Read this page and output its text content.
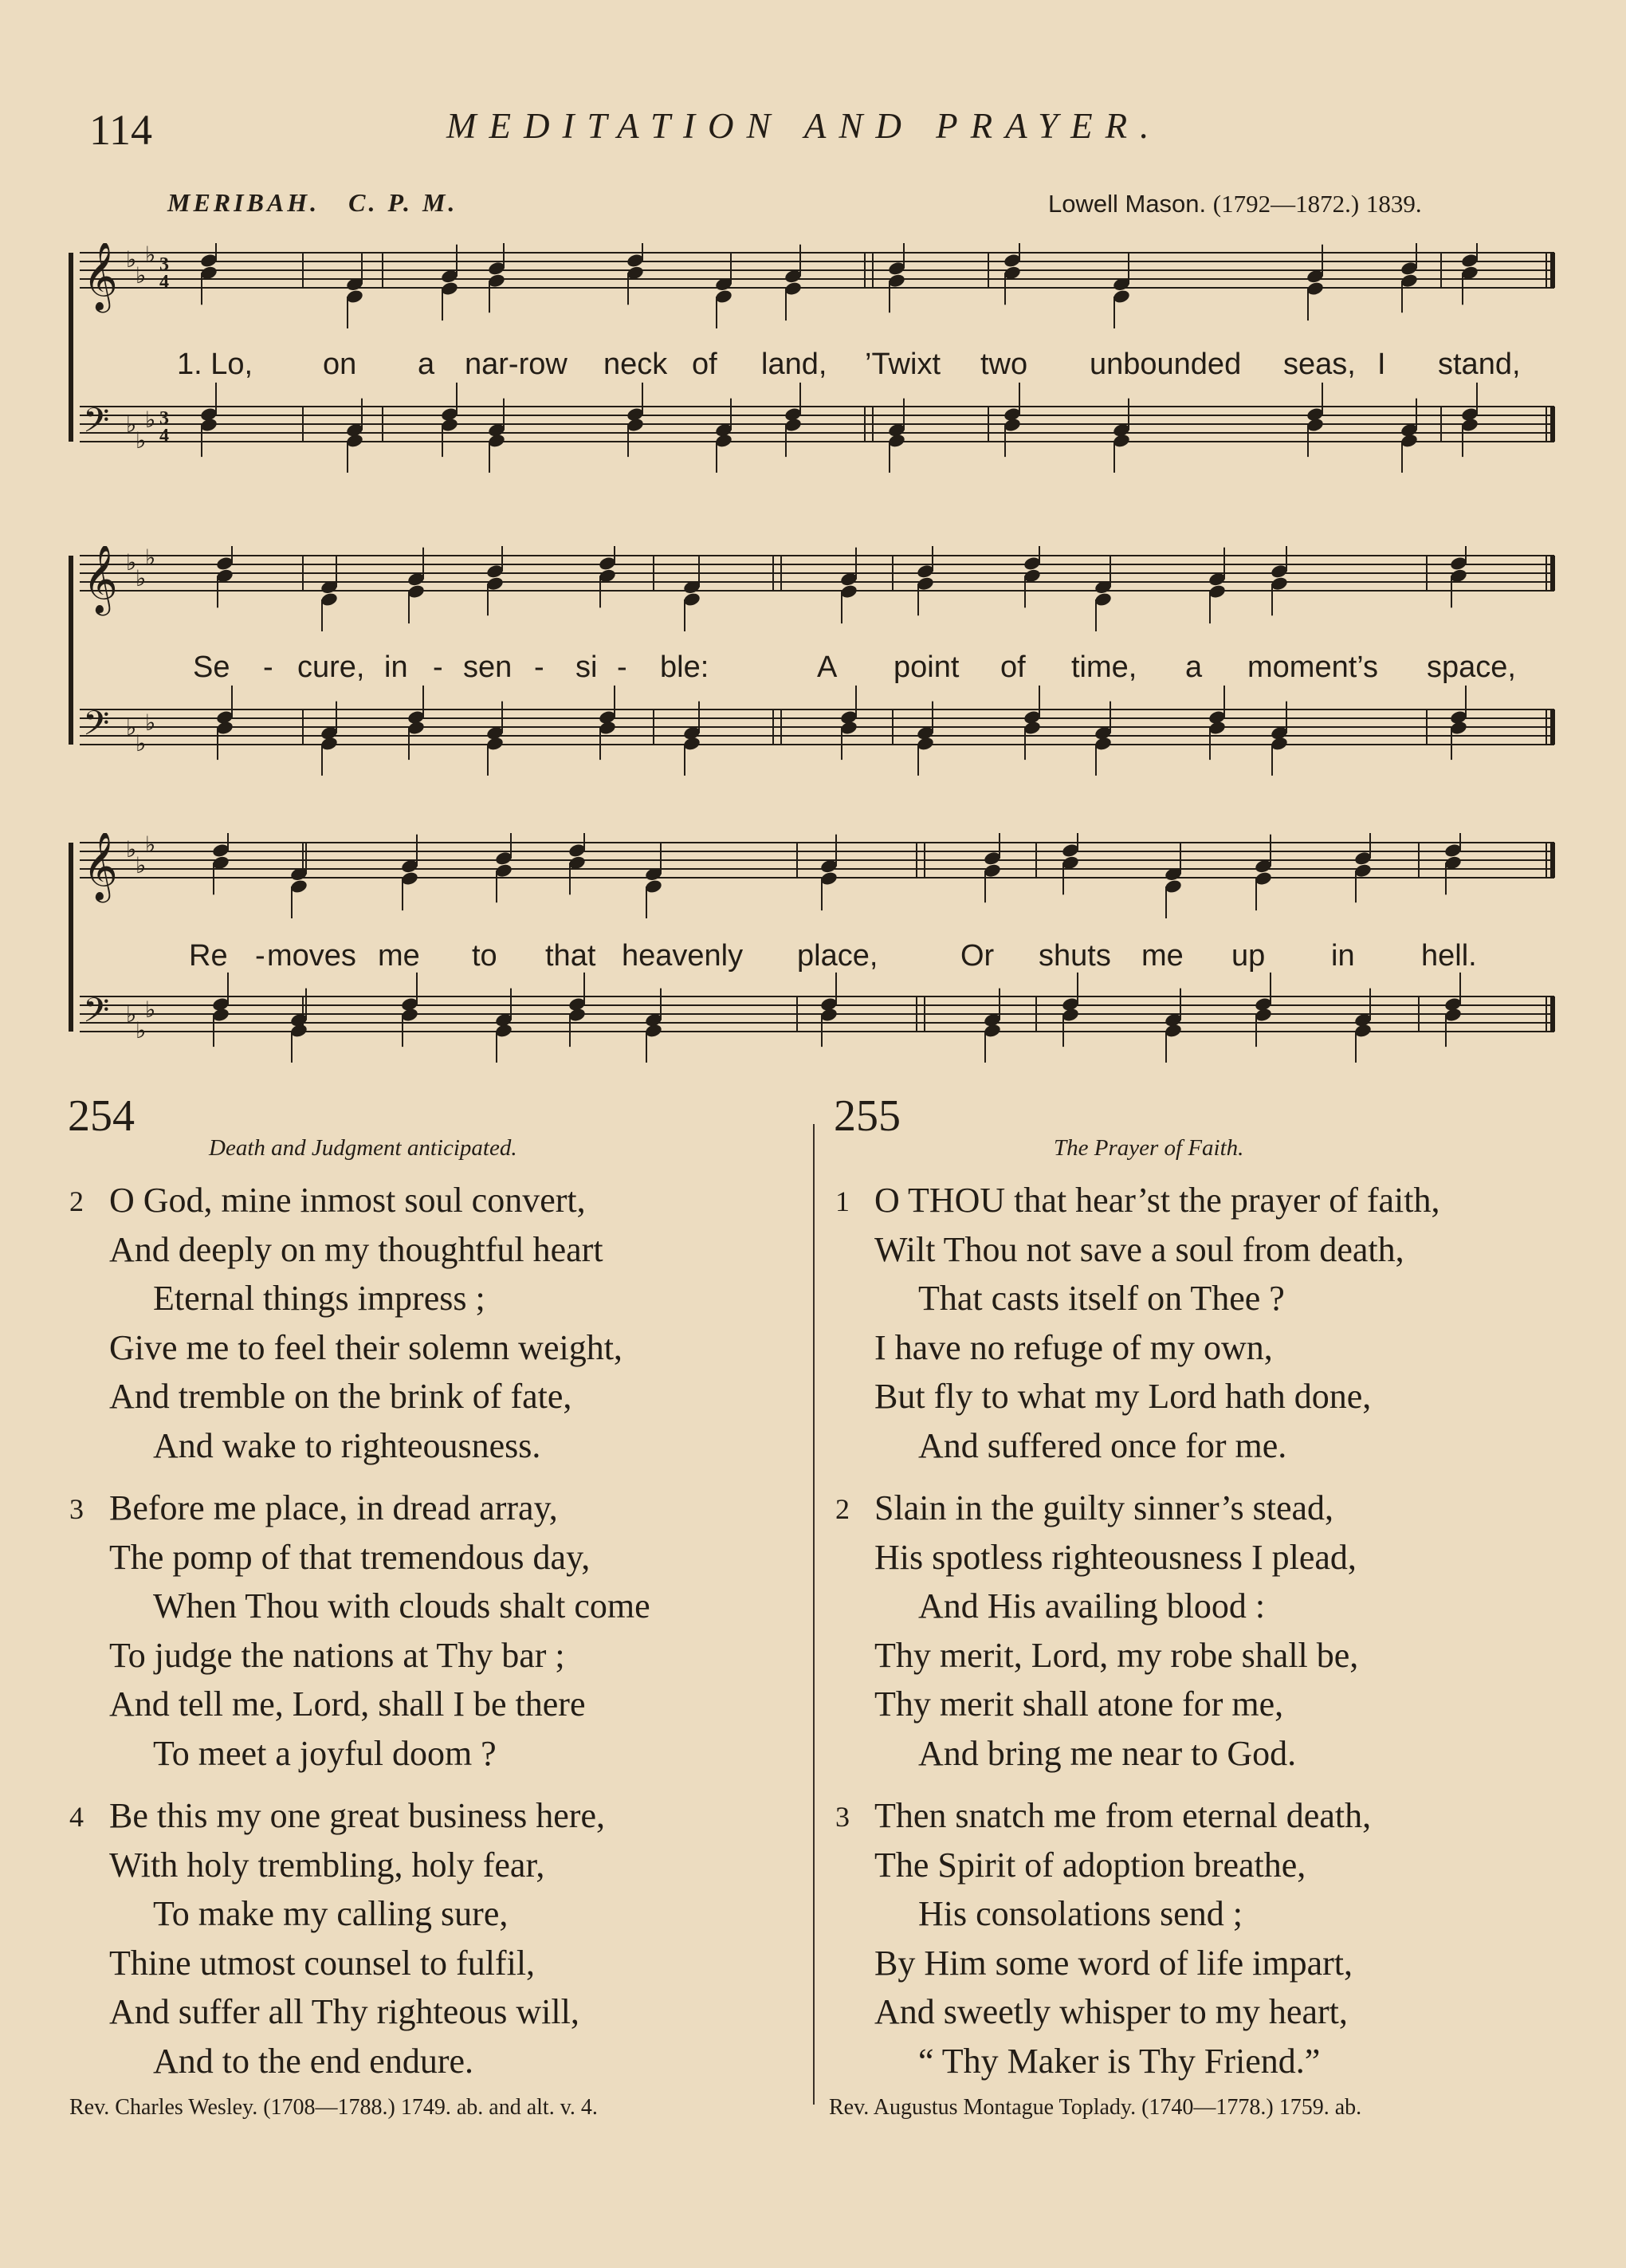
114	MEDITATION AND PRAYER.
MERIBAH. C. P. M.	Lowell Mason. (1792—1872.) 1839.
𝄞 ♭
♭
♭ 3
4
𝄢 ♭
♭
♭ 3
4
1. Lo, on a nar-row neck of land, ’Twixt two unbounded seas, I stand,
𝄞 ♭
♭
♭
𝄢 ♭
♭
♭
Se - cure, in - sen - si - ble:	A point of time, a moment’s space,
𝄞 ♭
♭
♭
𝄢 ♭
♭
♭
Re - moves me to that heavenly place,	Or shuts me up in hell.
254
Death and Judgment anticipated.
2 O God, mine inmost soul convert,
And deeply on my thoughtful heart
Eternal things impress ;
Give me to feel their solemn weight,
And tremble on the brink of fate,
And wake to righteousness.
3 Before me place, in dread array,
The pomp of that tremendous day,
When Thou with clouds shalt come
To judge the nations at Thy bar ;
And tell me, Lord, shall I be there
To meet a joyful doom ?
4 Be this my one great business here,
With holy trembling, holy fear,
To make my calling sure,
Thine utmost counsel to fulfil,
And suffer all Thy righteous will,
And to the end endure.
Rev. Charles Wesley. (1708—1788.) 1749. ab. and alt. v. 4.
255
The Prayer of Faith.
1 O THOU that hear’st the prayer of faith,
Wilt Thou not save a soul from death,
That casts itself on Thee ?
I have no refuge of my own,
But fly to what my Lord hath done,
And suffered once for me.
2 Slain in the guilty sinner’s stead,
His spotless righteousness I plead,
And His availing blood :
Thy merit, Lord, my robe shall be,
Thy merit shall atone for me,
And bring me near to God.
3 Then snatch me from eternal death,
The Spirit of adoption breathe,
His consolations send ;
By Him some word of life impart,
And sweetly whisper to my heart,
“ Thy Maker is Thy Friend.”
Rev. Augustus Montague Toplady. (1740—1778.) 1759. ab.
